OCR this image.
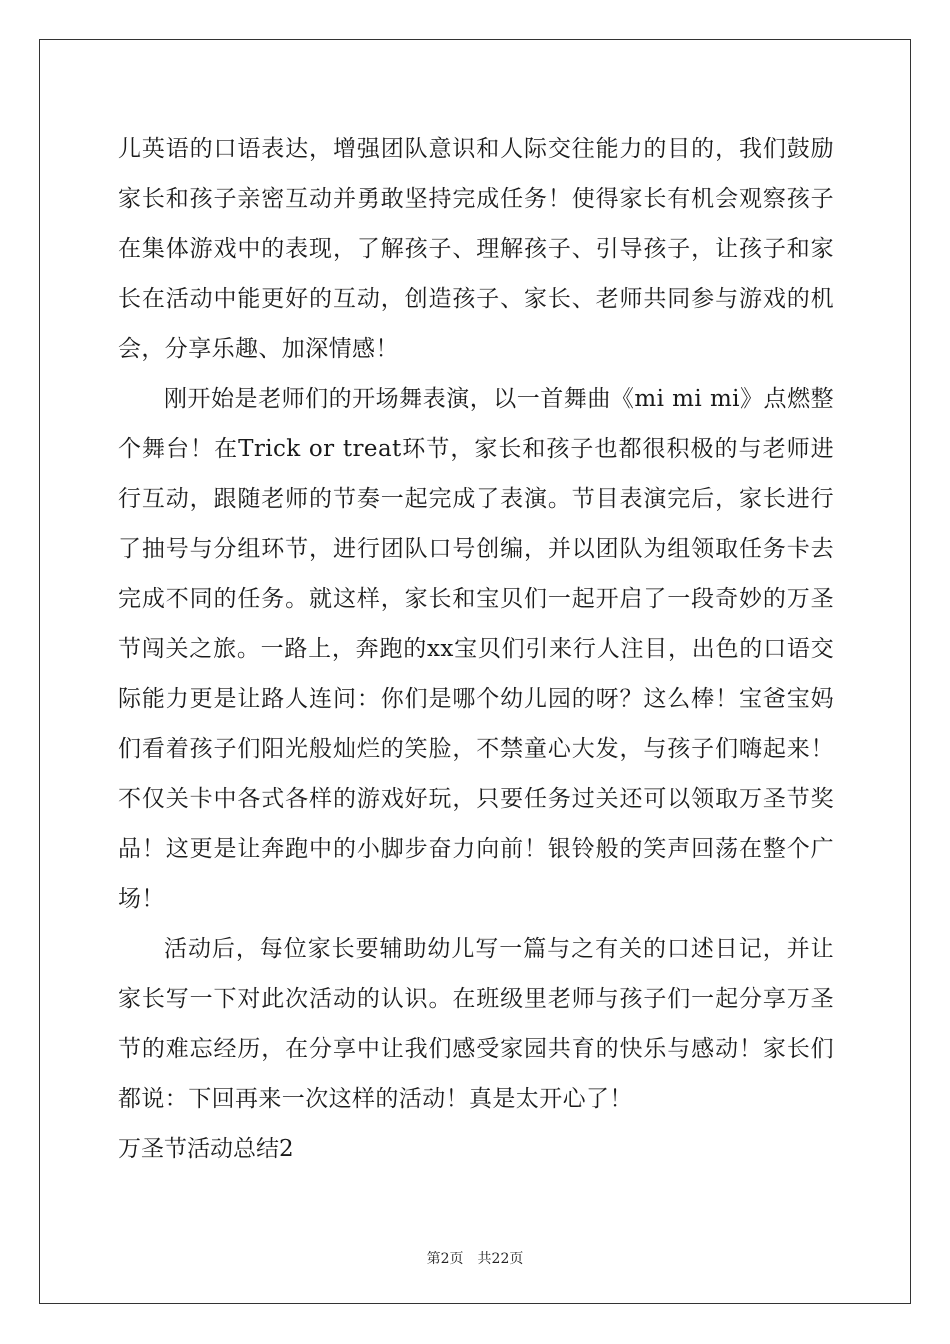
儿英语的口语表达，增强团队意识和人际交往能力的目的，我们鼓励家长和孩子亲密互动并勇敢坚持完成任务！使得家长有机会观察孩子在集体游戏中的表现，了解孩子、理解孩子、引导孩子，让孩子和家长在活动中能更好的互动，创造孩子、家长、老师共同参与游戏的机会，分享乐趣、加深情感！

刚开始是老师们的开场舞表演，以一首舞曲《mi mi mi》点燃整个舞台！在Trick or treat环节，家长和孩子也都很积极的与老师进行互动，跟随老师的节奏一起完成了表演。节目表演完后，家长进行了抽号与分组环节，进行团队口号创编，并以团队为组领取任务卡去完成不同的任务。就这样，家长和宝贝们一起开启了一段奇妙的万圣节闯关之旅。一路上，奔跑的xx宝贝们引来行人注目，出色的口语交际能力更是让路人连问：你们是哪个幼儿园的呀？这么棒！宝爸宝妈们看着孩子们阳光般灿烂的笑脸，不禁童心大发，与孩子们嗨起来！不仅关卡中各式各样的游戏好玩，只要任务过关还可以领取万圣节奖品！这更是让奔跑中的小脚步奋力向前！银铃般的笑声回荡在整个广场！

活动后，每位家长要辅助幼儿写一篇与之有关的口述日记，并让家长写一下对此次活动的认识。在班级里老师与孩子们一起分享万圣节的难忘经历，在分享中让我们感受家园共育的快乐与感动！家长们都说：下回再来一次这样的活动！真是太开心了！

万圣节活动总结2

第2页 共22页
